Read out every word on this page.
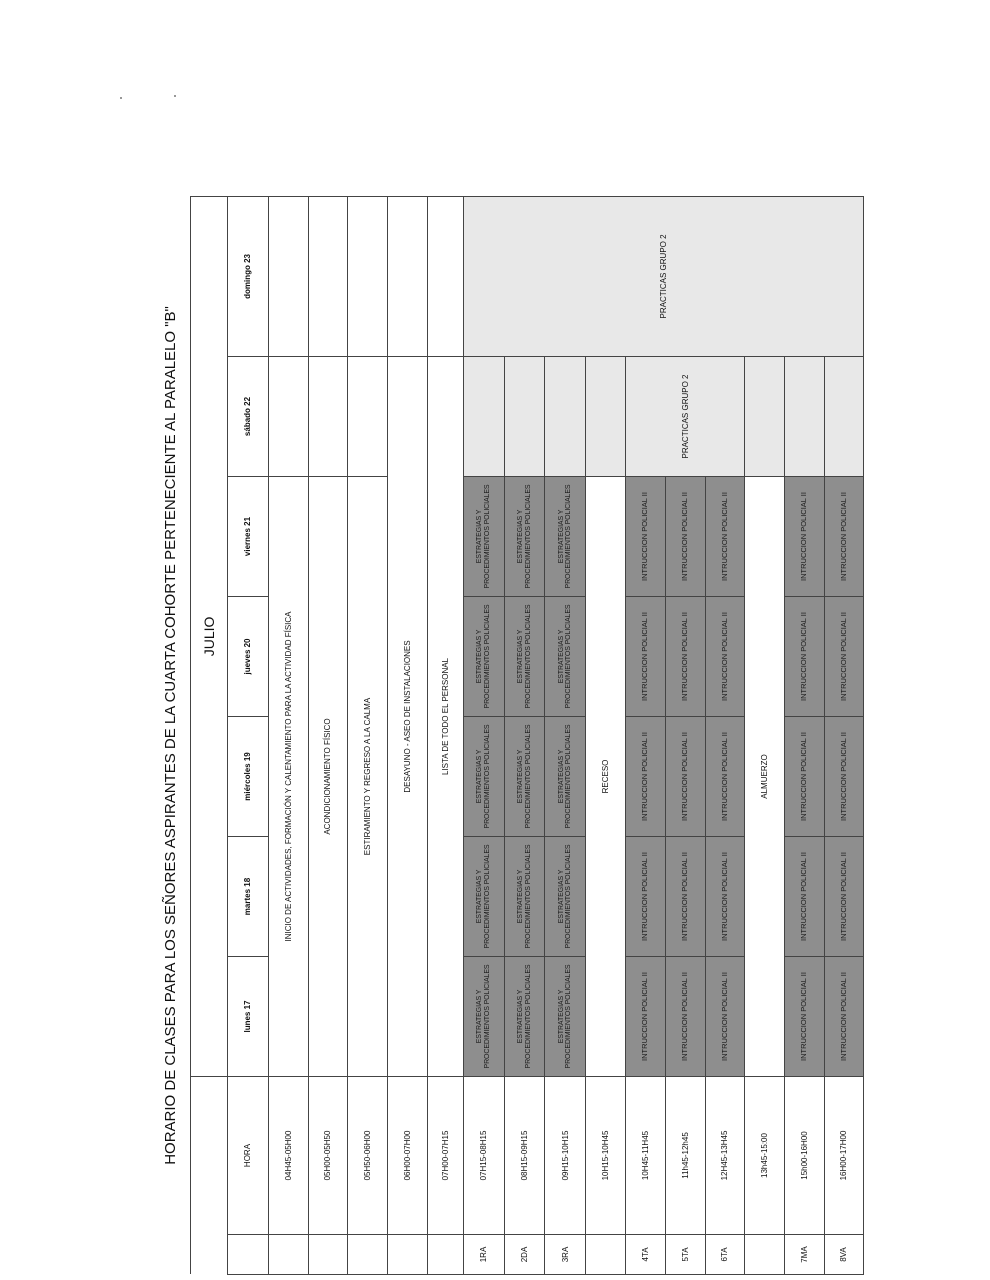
HORARIO DE CLASES PARA LOS SEÑORES ASPIRANTES DE LA CUARTA COHORTE PERTENECIENTE AL PARALELO "B"									
		JULIO							
	HORA	lunes 17	martes 18	miércoles 19	jueves 20	viernes 21	sábado 22	domingo 23	
	04H45-05H00	INICIO DE ACTIVIDADES, FORMACIÓN Y CALENTAMIENTO PARA LA ACTIVIDAD FÍSICA							
	05H00-05H50	ACONDICIONAMIENTO FÍSICO							
	05H50-06H00	ESTIRAMIENTO Y REGRESO A LA CALMA							
	06H00-07H00	DESAYUNO - ASEO DE INSTALACIONES							
	07H00-07H15	LISTA DE TODO EL PERSONAL							
1RA	07H15-08H15	ESTRATEGIAS Y PROCEDIMIENTOS POLICIALES	ESTRATEGIAS Y PROCEDIMIENTOS POLICIALES	ESTRATEGIAS Y PROCEDIMIENTOS POLICIALES	ESTRATEGIAS Y PROCEDIMIENTOS POLICIALES	ESTRATEGIAS Y PROCEDIMIENTOS POLICIALES		PRACTICAS GRUPO 2	
2DA	08H15-09H15	ESTRATEGIAS Y PROCEDIMIENTOS POLICIALES	ESTRATEGIAS Y PROCEDIMIENTOS POLICIALES	ESTRATEGIAS Y PROCEDIMIENTOS POLICIALES	ESTRATEGIAS Y PROCEDIMIENTOS POLICIALES	ESTRATEGIAS Y PROCEDIMIENTOS POLICIALES			
3RA	09H15-10H15	ESTRATEGIAS Y PROCEDIMIENTOS POLICIALES	ESTRATEGIAS Y PROCEDIMIENTOS POLICIALES	ESTRATEGIAS Y PROCEDIMIENTOS POLICIALES	ESTRATEGIAS Y PROCEDIMIENTOS POLICIALES	ESTRATEGIAS Y PROCEDIMIENTOS POLICIALES			
	10H15-10H45	RECESO							
4TA	10H45-11H45	INTRUCCION POLICIAL II	INTRUCCION POLICIAL II	INTRUCCION POLICIAL II	INTRUCCION POLICIAL II	INTRUCCION POLICIAL II	PRACTICAS GRUPO 2		
5TA	11h45-12h45	INTRUCCION POLICIAL II	INTRUCCION POLICIAL II	INTRUCCION POLICIAL II	INTRUCCION POLICIAL II	INTRUCCION POLICIAL II			
6TA	12H45-13H45	INTRUCCION POLICIAL II	INTRUCCION POLICIAL II	INTRUCCION POLICIAL II	INTRUCCION POLICIAL II	INTRUCCION POLICIAL II			
	13h45-15:00	ALMUERZO							
7MA	15h00-16H00	INTRUCCION POLICIAL II	INTRUCCION POLICIAL II	INTRUCCION POLICIAL II	INTRUCCION POLICIAL II	INTRUCCION POLICIAL II			
8VA	16H00-17H00	INTRUCCION POLICIAL II	INTRUCCION POLICIAL II	INTRUCCION POLICIAL II	INTRUCCION POLICIAL II	INTRUCCION POLICIAL II			
